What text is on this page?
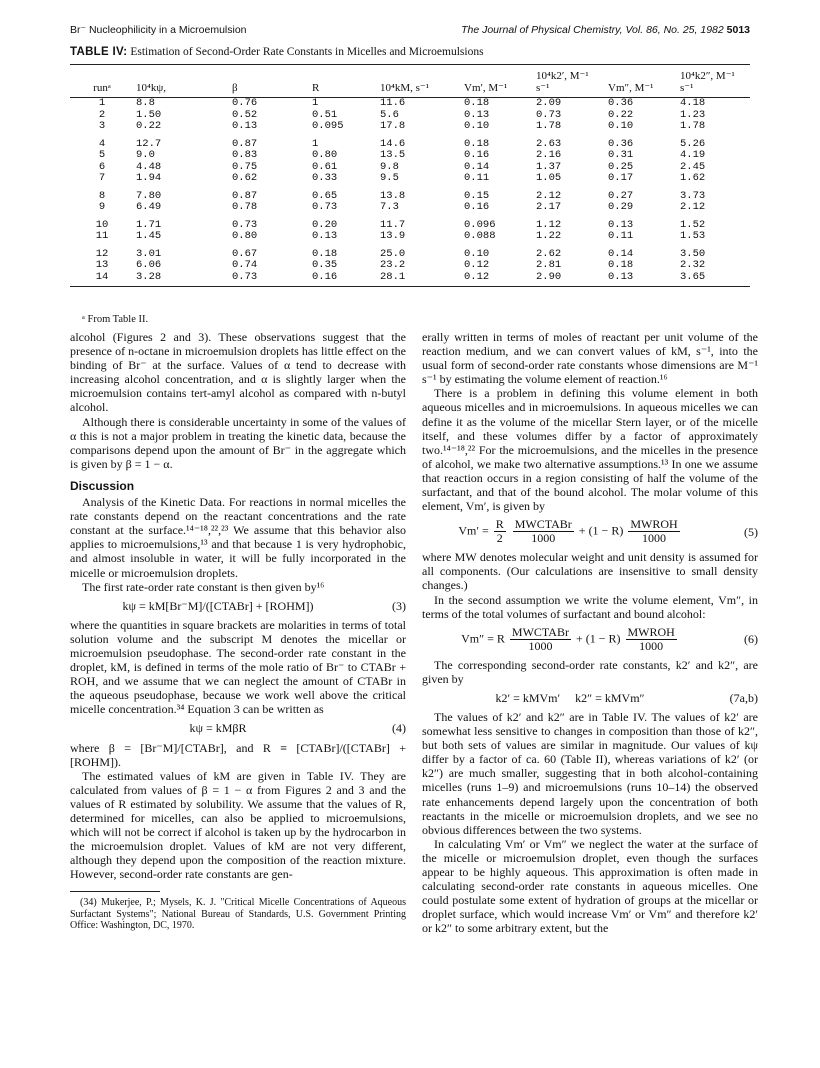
Br⁻ Nucleophilicity in a Microemulsion	The Journal of Physical Chemistry, Vol. 86, No. 25, 1982 5013
TABLE IV: Estimation of Second-Order Rate Constants in Micelles and Microemulsions
runᵃ	10⁴kψ,	β	R	10⁴kM, s⁻¹	Vm′, M⁻¹	10⁴k2′, M⁻¹ s⁻¹	Vm″, M⁻¹	10⁴k2″, M⁻¹ s⁻¹
1	8.8	0.76	1	11.6	0.18	2.09	0.36	4.18
2	1.50	0.52	0.51	5.6	0.13	0.73	0.22	1.23
3	0.22	0.13	0.095	17.8	0.10	1.78	0.10	1.78
4	12.7	0.87	1	14.6	0.18	2.63	0.36	5.26
5	9.0	0.83	0.80	13.5	0.16	2.16	0.31	4.19
6	4.48	0.75	0.61	9.8	0.14	1.37	0.25	2.45
7	1.94	0.62	0.33	9.5	0.11	1.05	0.17	1.62
8	7.80	0.87	0.65	13.8	0.15	2.12	0.27	3.73
9	6.49	0.78	0.73	7.3	0.16	2.17	0.29	2.12
10	1.71	0.73	0.20	11.7	0.096	1.12	0.13	1.52
11	1.45	0.80	0.13	13.9	0.088	1.22	0.11	1.53
12	3.01	0.67	0.18	25.0	0.10	2.62	0.14	3.50
13	6.06	0.74	0.35	23.2	0.12	2.81	0.18	2.32
14	3.28	0.73	0.16	28.1	0.12	2.90	0.13	3.65
ᵃ From Table II.

alcohol (Figures 2 and 3). These observations suggest that the presence of n-octane in microemulsion droplets has little effect on the binding of Br⁻ at the surface. Values of α tend to decrease with increasing alcohol concentration, and α is slightly larger when the microemulsion contains tert-amyl alcohol as compared with n-butyl alcohol.

Although there is considerable uncertainty in some of the values of α this is not a major problem in treating the kinetic data, because the comparisons depend upon the amount of Br⁻ in the aggregate which is given by β = 1 − α.

Discussion

Analysis of the Kinetic Data. For reactions in normal micelles the rate constants depend on the reactant concentrations and the rate constant at the surface.¹⁴⁻¹⁸,²²,²³ We assume that this behavior also applies to microemulsions,¹³ and that because 1 is very hydrophobic, and almost insoluble in water, it will be fully incorporated in the micelle or microemulsion droplets.

The first rate-order rate constant is then given by¹⁶

kψ = kM[Br⁻M]/([CTABr] + [ROHM])	(3)

where the quantities in square brackets are molarities in terms of total solution volume and the subscript M denotes the micellar or microemulsion pseudophase. The second-order rate constant in the droplet, kM, is defined in terms of the mole ratio of Br⁻ to CTABr + ROH, and we assume that we can neglect the amount of CTABr in the aqueous pseudophase, because we work well above the critical micelle concentration.³⁴ Equation 3 can be written as

kψ = kMβR	(4)

where β = [Br⁻M]/[CTABr], and R ≡ [CTABr]/([CTABr] + [ROHM]).

The estimated values of kM are given in Table IV. They are calculated from values of β = 1 − α from Figures 2 and 3 and the values of R estimated by solubility. We assume that the values of R, determined for micelles, can also be applied to microemulsions, which will not be correct if alcohol is taken up by the hydrocarbon in the microemulsion droplet. Values of kM are not very different, although they depend upon the composition of the reaction mixture. However, second-order rate constants are gen-

(34) Mukerjee, P.; Mysels, K. J. "Critical Micelle Concentrations of Aqueous Surfactant Systems"; National Bureau of Standards, U.S. Government Printing Office: Washington, DC, 1970.

erally written in terms of moles of reactant per unit volume of the reaction medium, and we can convert values of kM, s⁻¹, into the usual form of second-order rate constants whose dimensions are M⁻¹ s⁻¹ by estimating the volume element of reaction.¹⁶

There is a problem in defining this volume element in both aqueous micelles and in microemulsions. In aqueous micelles we can define it as the volume of the micellar Stern layer, or of the micelle itself, and these volumes differ by a factor of approximately two.¹⁴⁻¹⁸,²² For the microemulsions, and the micelles in the presence of alcohol, we make two alternative assumptions.¹³ In one we assume that reaction occurs in a region consisting of half the volume of the surfactant, and that of the bound alcohol. The molar volume of this element, Vm′, is given by

$Vm' = \frac{R}{2}$
$\frac{\text{MWCTABr}}{1000} + (1 - R) \frac{\text{MWROH}}{1000}$	(5)

where MW denotes molecular weight and unit density is assumed for all components. (Our calculations are insensitive to small density changes.)

In the second assumption we write the volume element, Vm″, in terms of the total volumes of surfactant and bound alcohol:

Vm″ = R $\frac{\text{MWCTABr}}{1000} + (1 - R) \frac{\text{MWROH}}{1000}$	(6)

The corresponding second-order rate constants, k2′ and k2″, are given by

k2′ = kMVm′     k2″ = kMVm″	(7a,b)

The values of k2′ and k2″ are in Table IV. The values of k2′ are somewhat less sensitive to changes in composition than those of k2″, but both sets of values are similar in magnitude. Our values of kψ differ by a factor of ca. 60 (Table II), whereas variations of k2′ (or k2″) are much smaller, suggesting that in both alcohol-containing micelles (runs 1–9) and microemulsions (runs 10–14) the observed rate enhancements depend largely upon the concentration of both reactants in the micelle or microemulsion droplets, and we see no obvious differences between the two systems.

In calculating Vm′ or Vm″ we neglect the water at the surface of the micelle or microemulsion droplet, even though the surfaces appear to be highly aqueous. This approximation is often made in calculating second-order rate constants in aqueous micelles. One could postulate some extent of hydration of groups at the micellar or droplet surface, which would increase Vm′ or Vm″ and therefore k2′ or k2″ to some arbitrary extent, but the
